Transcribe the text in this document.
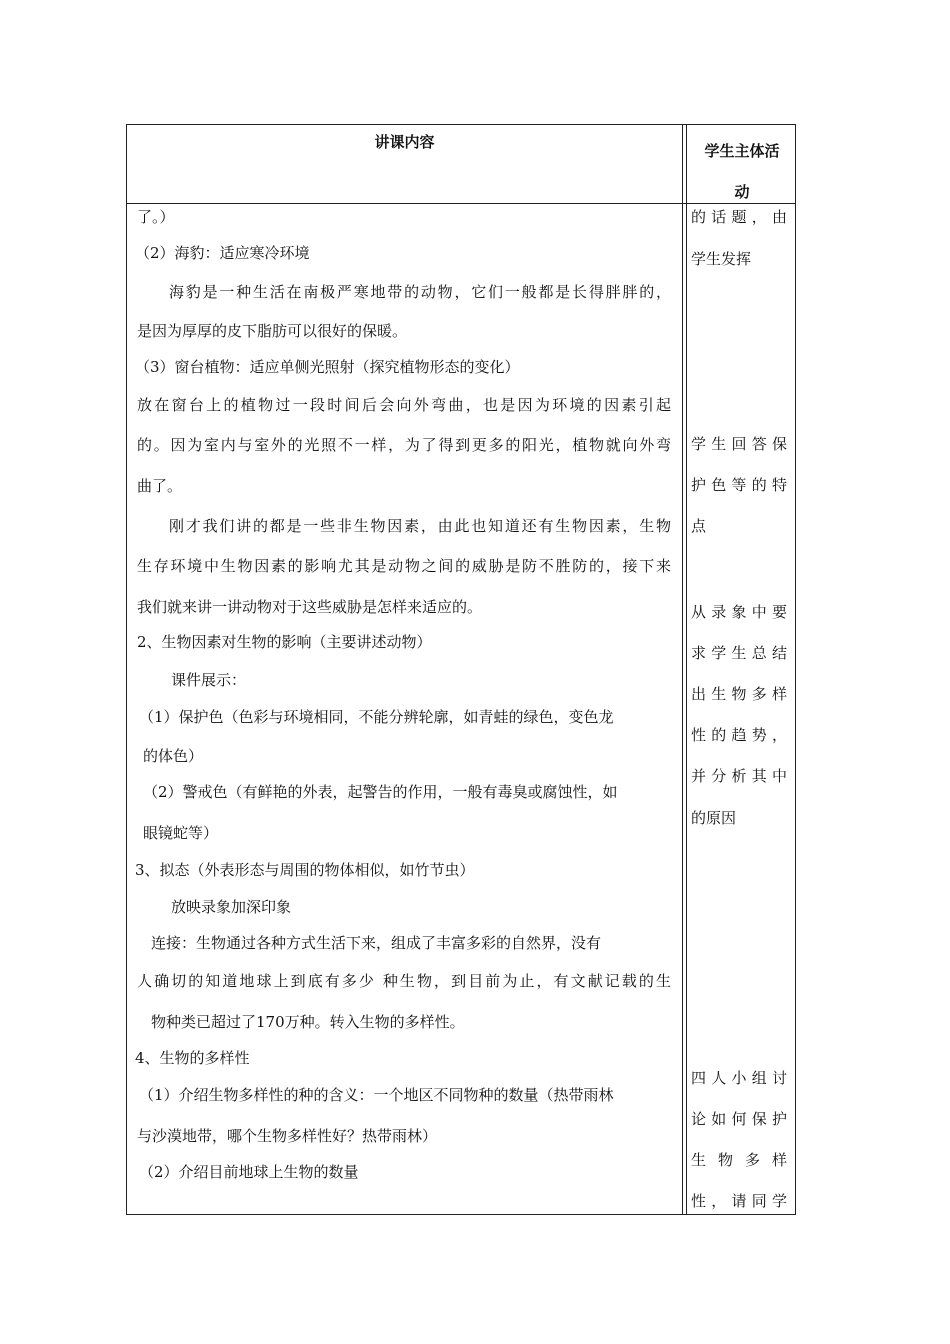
讲课内容	学生主体活
动
了。）
（2）海豹：适应寒冷环境
海豹是一种生活在南极严寒地带的动物，它们一般都是长得胖胖的，
是因为厚厚的皮下脂肪可以很好的保暖。
（3）窗台植物：适应单侧光照射（探究植物形态的变化）
放在窗台上的植物过一段时间后会向外弯曲，也是因为环境的因素引起
的。因为室内与室外的光照不一样，为了得到更多的阳光，植物就向外弯
曲了。
刚才我们讲的都是一些非生物因素，由此也知道还有生物因素，生物
生存环境中生物因素的影响尤其是动物之间的威胁是防不胜防的，接下来
我们就来讲一讲动物对于这些威胁是怎样来适应的。
2、生物因素对生物的影响（主要讲述动物）
课件展示：
（1）保护色（色彩与环境相同，不能分辨轮廓，如青蛙的绿色，变色龙
的体色）
（2）警戒色（有鲜艳的外表，起警告的作用，一般有毒臭或腐蚀性，如
眼镜蛇等）
3、拟态（外表形态与周围的物体相似，如竹节虫）
放映录象加深印象
连接：生物通过各种方式生活下来，组成了丰富多彩的自然界，没有
人确切的知道地球上到底有多少 种生物，到目前为止，有文献记载的生
物种类已超过了170万种。转入生物的多样性。
4、生物的多样性
（1）介绍生物多样性的种的含义：一个地区不同物种的数量（热带雨林
与沙漠地带，哪个生物多样性好？热带雨林）
（2）介绍目前地球上生物的数量
的话题，由
学生发挥
学生回答保
护色等的特
点
从录象中要
求学生总结
出生物多样
性的趋势，
并分析其中
的原因
四人小组讨
论如何保护
生 物 多 样
性，请同学
